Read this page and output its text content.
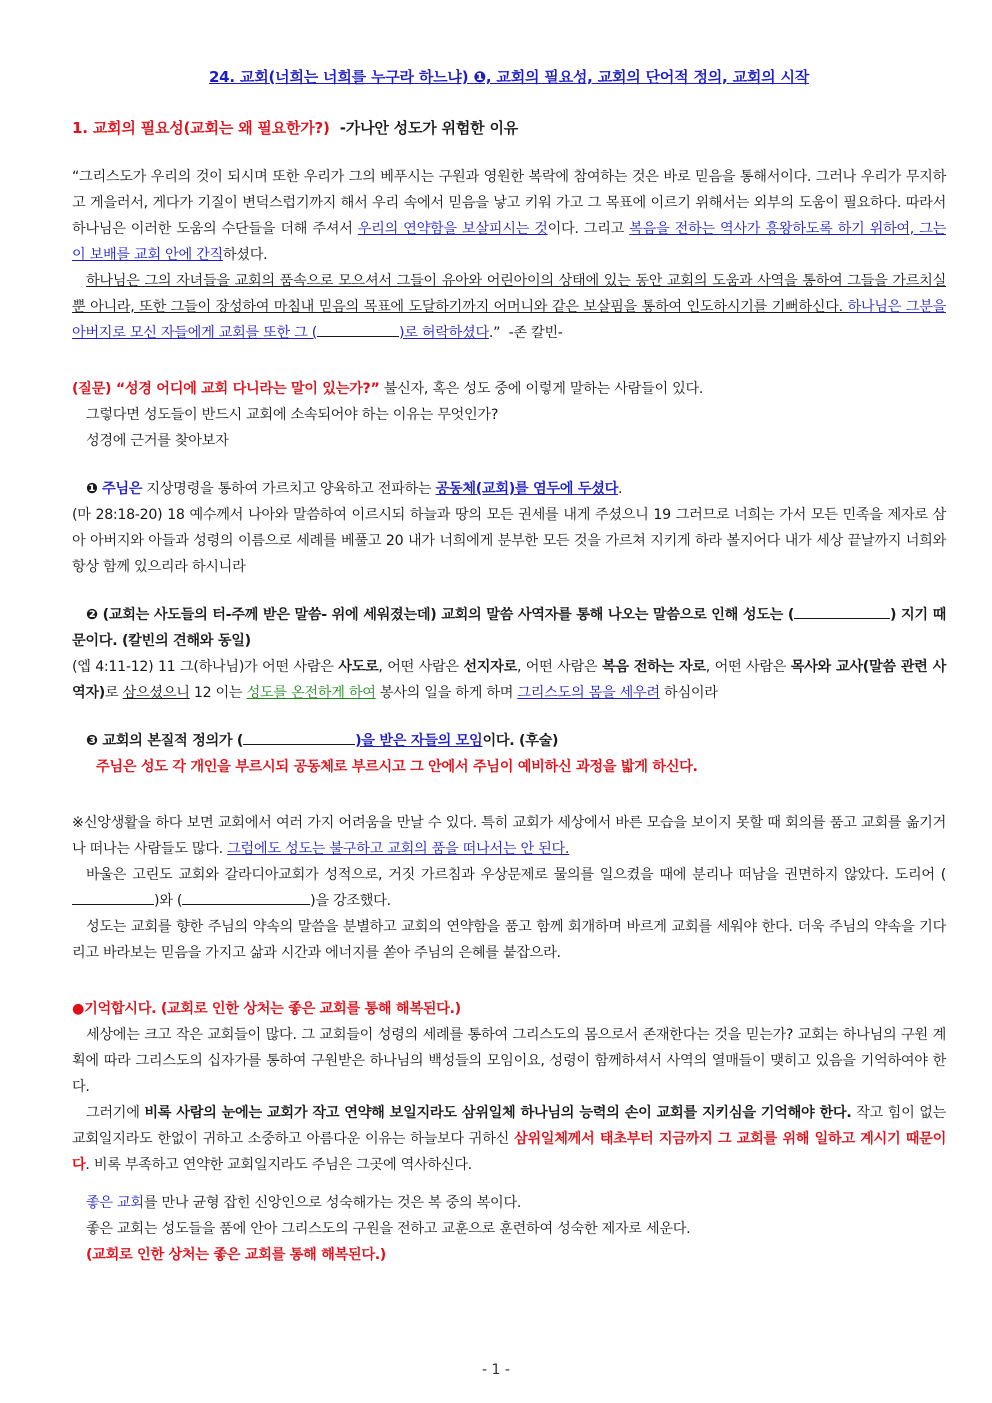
24. 교회(너희는 너희를 누구라 하느냐) ❶, 교회의 필요성, 교회의 단어적 정의, 교회의 시작
1. 교회의 필요성(교회는 왜 필요한가?) -가나안 성도가 위험한 이유

“그리스도가 우리의 것이 되시며 또한 우리가 그의 베푸시는 구원과 영원한 복락에 참여하는 것은 바로 믿음을 통해서이다. 그러나 우리가 무지하고 게을러서, 게다가 기질이 변덕스럽기까지 해서 우리 속에서 믿음을 낳고 키워 가고 그 목표에 이르기 위해서는 외부의 도움이 필요하다. 따라서 하나님은 이러한 도움의 수단들을 더해 주셔서 우리의 연약함을 보살피시는 것이다. 그리고 복음을 전하는 역사가 흥왕하도록 하기 위하여, 그는 이 보배를 교회 안에 간직하셨다.

하나님은 그의 자녀들을 교회의 품속으로 모으셔서 그들이 유아와 어린아이의 상태에 있는 동안 교회의 도움과 사역을 통하여 그들을 가르치실 뿐 아니라, 또한 그들이 장성하여 마침내 믿음의 목표에 도달하기까지 어머니와 같은 보살핌을 통하여 인도하시기를 기뻐하신다. 하나님은 그분을 아버지로 모신 자들에게 교회를 또한 그 (	)로 허락하셨다.” -존 칼빈-

(질문) “성경 어디에 교회 다니라는 말이 있는가?” 불신자, 혹은 성도 중에 이렇게 말하는 사람들이 있다.

그렇다면 성도들이 반드시 교회에 소속되어야 하는 이유는 무엇인가?

성경에 근거를 찾아보자

❶ 주님은 지상명령을 통하여 가르치고 양육하고 전파하는 공동체(교회)를 염두에 두셨다.

(마 28:18-20) 18 예수께서 나아와 말씀하여 이르시되 하늘과 땅의 모든 권세를 내게 주셨으니 19 그러므로 너희는 가서 모든 민족을 제자로 삼아 아버지와 아들과 성령의 이름으로 세례를 베풀고 20 내가 너희에게 분부한 모든 것을 가르쳐 지키게 하라 볼지어다 내가 세상 끝날까지 너희와 항상 함께 있으리라 하시니라

❷ (교회는 사도들의 터-주께 받은 말씀- 위에 세워졌는데) 교회의 말씀 사역자를 통해 나오는 말씀으로 인해 성도는 (	) 지기 때문이다. (칼빈의 견해와 동일)

(엡 4:11-12) 11 그(하나님)가 어떤 사람은 사도로, 어떤 사람은 선지자로, 어떤 사람은 복음 전하는 자로, 어떤 사람은 목사와 교사(말씀 관련 사역자)로 삼으셨으니 12 이는 성도를 온전하게 하여 봉사의 일을 하게 하며 그리스도의 몸을 세우려 하심이라

❸ 교회의 본질적 정의가 (	)을 받은 자들의 모임이다. (후술)

주님은 성도 각 개인을 부르시되 공동체로 부르시고 그 안에서 주님이 예비하신 과정을 밟게 하신다.

※신앙생활을 하다 보면 교회에서 여러 가지 어려움을 만날 수 있다. 특히 교회가 세상에서 바른 모습을 보이지 못할 때 회의를 품고 교회를 옮기거나 떠나는 사람들도 많다. 그럼에도 성도는 불구하고 교회의 품을 떠나서는 안 된다.

바울은 고린도 교회와 갈라디아교회가 성적으로, 거짓 가르침과 우상문제로 물의를 일으켰을 때에 분리나 떠남을 권면하지 않았다. 도리어 ()와 (	)을 강조했다.

성도는 교회를 향한 주님의 약속의 말씀을 분별하고 교회의 연약함을 품고 함께 회개하며 바르게 교회를 세워야 한다. 더욱 주님의 약속을 기다리고 바라보는 믿음을 가지고 삶과 시간과 에너지를 쏟아 주님의 은혜를 붙잡으라.

●기억합시다. (교회로 인한 상처는 좋은 교회를 통해 해복된다.)

세상에는 크고 작은 교회들이 많다. 그 교회들이 성령의 세례를 통하여 그리스도의 몸으로서 존재한다는 것을 믿는가? 교회는 하나님의 구원 계획에 따라 그리스도의 십자가를 통하여 구원받은 하나님의 백성들의 모임이요, 성령이 함께하셔서 사역의 열매들이 맺히고 있음을 기억하여야 한다.

그러기에 비록 사람의 눈에는 교회가 작고 연약해 보일지라도 삼위일체 하나님의 능력의 손이 교회를 지키심을 기억해야 한다. 작고 힘이 없는 교회일지라도 한없이 귀하고 소중하고 아름다운 이유는 하늘보다 귀하신 삼위일체께서 태초부터 지금까지 그 교회를 위해 일하고 계시기 때문이다. 비록 부족하고 연약한 교회일지라도 주님은 그곳에 역사하신다.

좋은 교회를 만나 균형 잡힌 신앙인으로 성숙해가는 것은 복 중의 복이다.

좋은 교회는 성도들을 품에 안아 그리스도의 구원을 전하고 교훈으로 훈련하여 성숙한 제자로 세운다.

(교회로 인한 상처는 좋은 교회를 통해 해복된다.)

- 1 -
